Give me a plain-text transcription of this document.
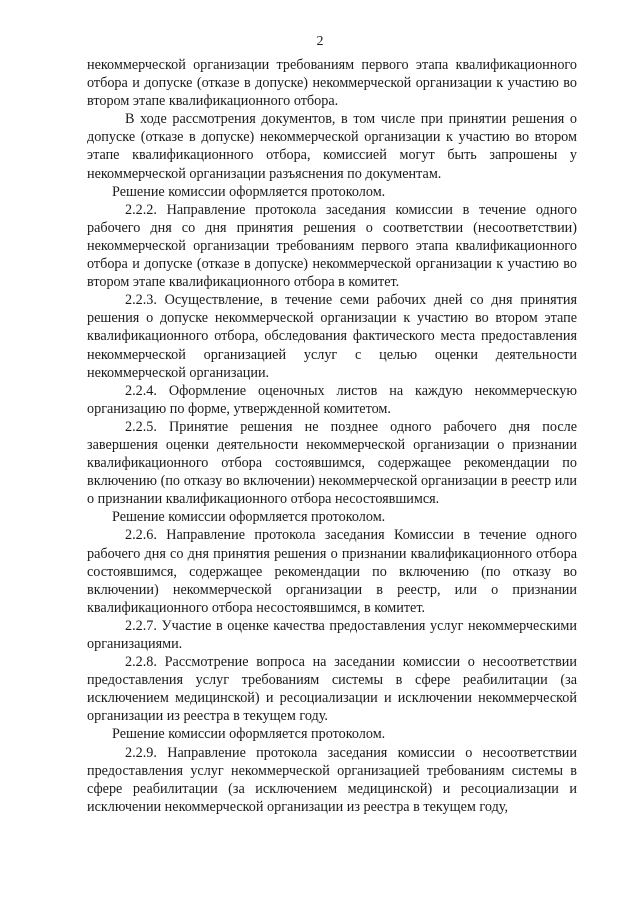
2

некоммерческой организации требованиям первого этапа квалификационного отбора и допуске (отказе в допуске) некоммерческой организации к участию во втором этапе квалификационного отбора.

В ходе рассмотрения документов, в том числе при принятии решения о допуске (отказе в допуске) некоммерческой организации к участию во втором этапе квалификационного отбора, комиссией могут быть запрошены у некоммерческой организации разъяснения по документам.

Решение комиссии оформляется протоколом.

2.2.2. Направление протокола заседания комиссии в течение одного рабочего дня со дня принятия решения о соответствии (несоответствии) некоммерческой организации требованиям первого этапа квалификационного отбора и допуске (отказе в допуске) некоммерческой организации к участию во втором этапе квалификационного отбора в комитет.

2.2.3. Осуществление, в течение семи рабочих дней со дня принятия решения о допуске некоммерческой организации к участию во втором этапе квалификационного отбора, обследования фактического места предоставления некоммерческой организацией услуг с целью оценки деятельности некоммерческой организации.

2.2.4. Оформление оценочных листов на каждую некоммерческую организацию по форме, утвержденной комитетом.

2.2.5. Принятие решения не позднее одного рабочего дня после завершения оценки деятельности некоммерческой организации о признании квалификационного отбора состоявшимся, содержащее рекомендации по включению (по отказу во включении) некоммерческой организации в реестр или о признании квалификационного отбора несостоявшимся.

Решение комиссии оформляется протоколом.

2.2.6. Направление протокола заседания Комиссии в течение одного рабочего дня со дня принятия решения о признании квалификационного отбора состоявшимся, содержащее рекомендации по включению (по отказу во включении) некоммерческой организации в реестр, или о признании квалификационного отбора несостоявшимся, в комитет.

2.2.7. Участие в оценке качества предоставления услуг некоммерческими организациями.

2.2.8. Рассмотрение вопроса на заседании комиссии о несоответствии предоставления услуг требованиям системы в сфере реабилитации (за исключением медицинской) и ресоциализации и исключении некоммерческой организации из реестра в текущем году.

Решение комиссии оформляется протоколом.

2.2.9. Направление протокола заседания комиссии о несоответствии предоставления услуг некоммерческой организацией требованиям системы в сфере реабилитации (за исключением медицинской) и ресоциализации и исключении некоммерческой организации из реестра в текущем году,
